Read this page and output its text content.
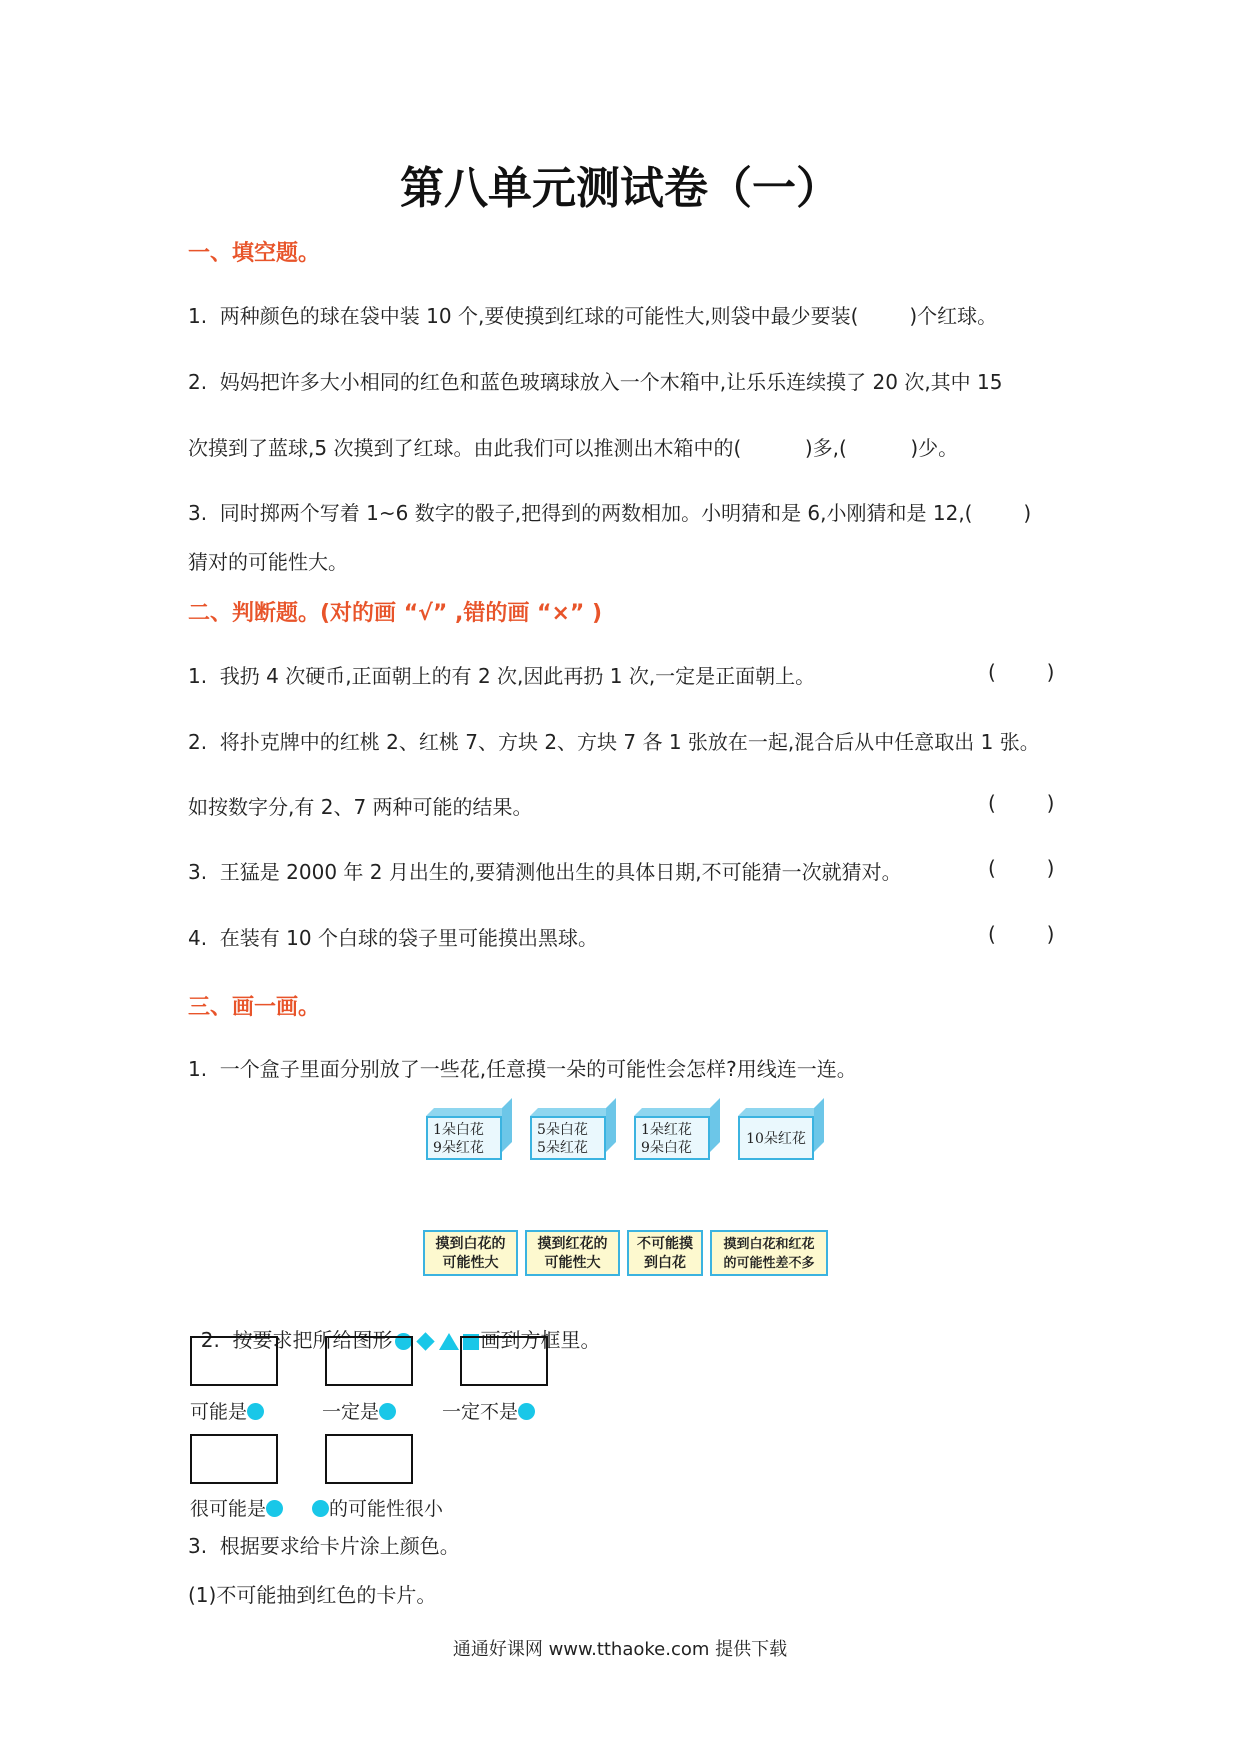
第八单元测试卷（一）
一、填空题。
1.  两种颜色的球在袋中装 10 个,要使摸到红球的可能性大,则袋中最少要装(        )个红球。
2.  妈妈把许多大小相同的红色和蓝色玻璃球放入一个木箱中,让乐乐连续摸了 20 次,其中 15
次摸到了蓝球,5 次摸到了红球。由此我们可以推测出木箱中的(          )多,(          )少。
3.  同时掷两个写着 1~6 数字的骰子,把得到的两数相加。小明猜和是 6,小刚猜和是 12,(        )
猜对的可能性大。
二、判断题。(对的画 “√” ,错的画 “×” )
1.  我扔 4 次硬币,正面朝上的有 2 次,因此再扔 1 次,一定是正面朝上。	(        )
2.  将扑克牌中的红桃 2、红桃 7、方块 2、方块 7 各 1 张放在一起,混合后从中任意取出 1 张。
如按数字分,有 2、7 两种可能的结果。	(        )
3.  王猛是 2000 年 2 月出生的,要猜测他出生的具体日期,不可能猜一次就猜对。	(        )
4.  在装有 10 个白球的袋子里可能摸出黑球。	(        )
三、画一画。
1.  一个盒子里面分别放了一些花,任意摸一朵的可能性会怎样?用线连一连。
1朵白花
9朵红花
5朵白花
5朵红花
1朵红花
9朵白花
10朵红花
摸到白花的
可能性大
摸到红花的
可能性大
不可能摸
到白花
摸到白花和红花
的可能性差不多

2.  按要求把所给图形	画到方框里。

可能是	一定是	一定不是
很可能是	的可能性很小
3.  根据要求给卡片涂上颜色。
(1)不可能抽到红色的卡片。
通通好课网 www.tthaoke.com 提供下载
